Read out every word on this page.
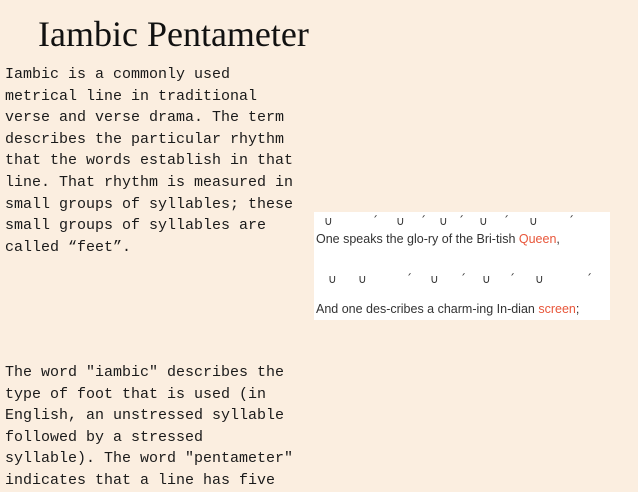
Iambic Pentameter
Iambic is a commonly used
metrical line in traditional
verse and verse drama. The term
describes the particular rhythm
that the words establish in that
line. That rhythm is measured in
small groups of syllables; these
small groups of syllables are
called “feet”.
∪	ˊ ∪ ˊ ∪ ˊ ∪ ˊ ∪	ˊ
One speaks the glo-ry of the Bri-tish Queen,
∪ ∪	ˊ ∪ ˊ ∪ ˊ ∪	ˊ
And one des-cribes a charm-ing In-dian screen;
The word "iambic" describes the
type of foot that is used (in
English, an unstressed syllable
followed by a stressed
syllable). The word "pentameter"
indicates that a line has five
